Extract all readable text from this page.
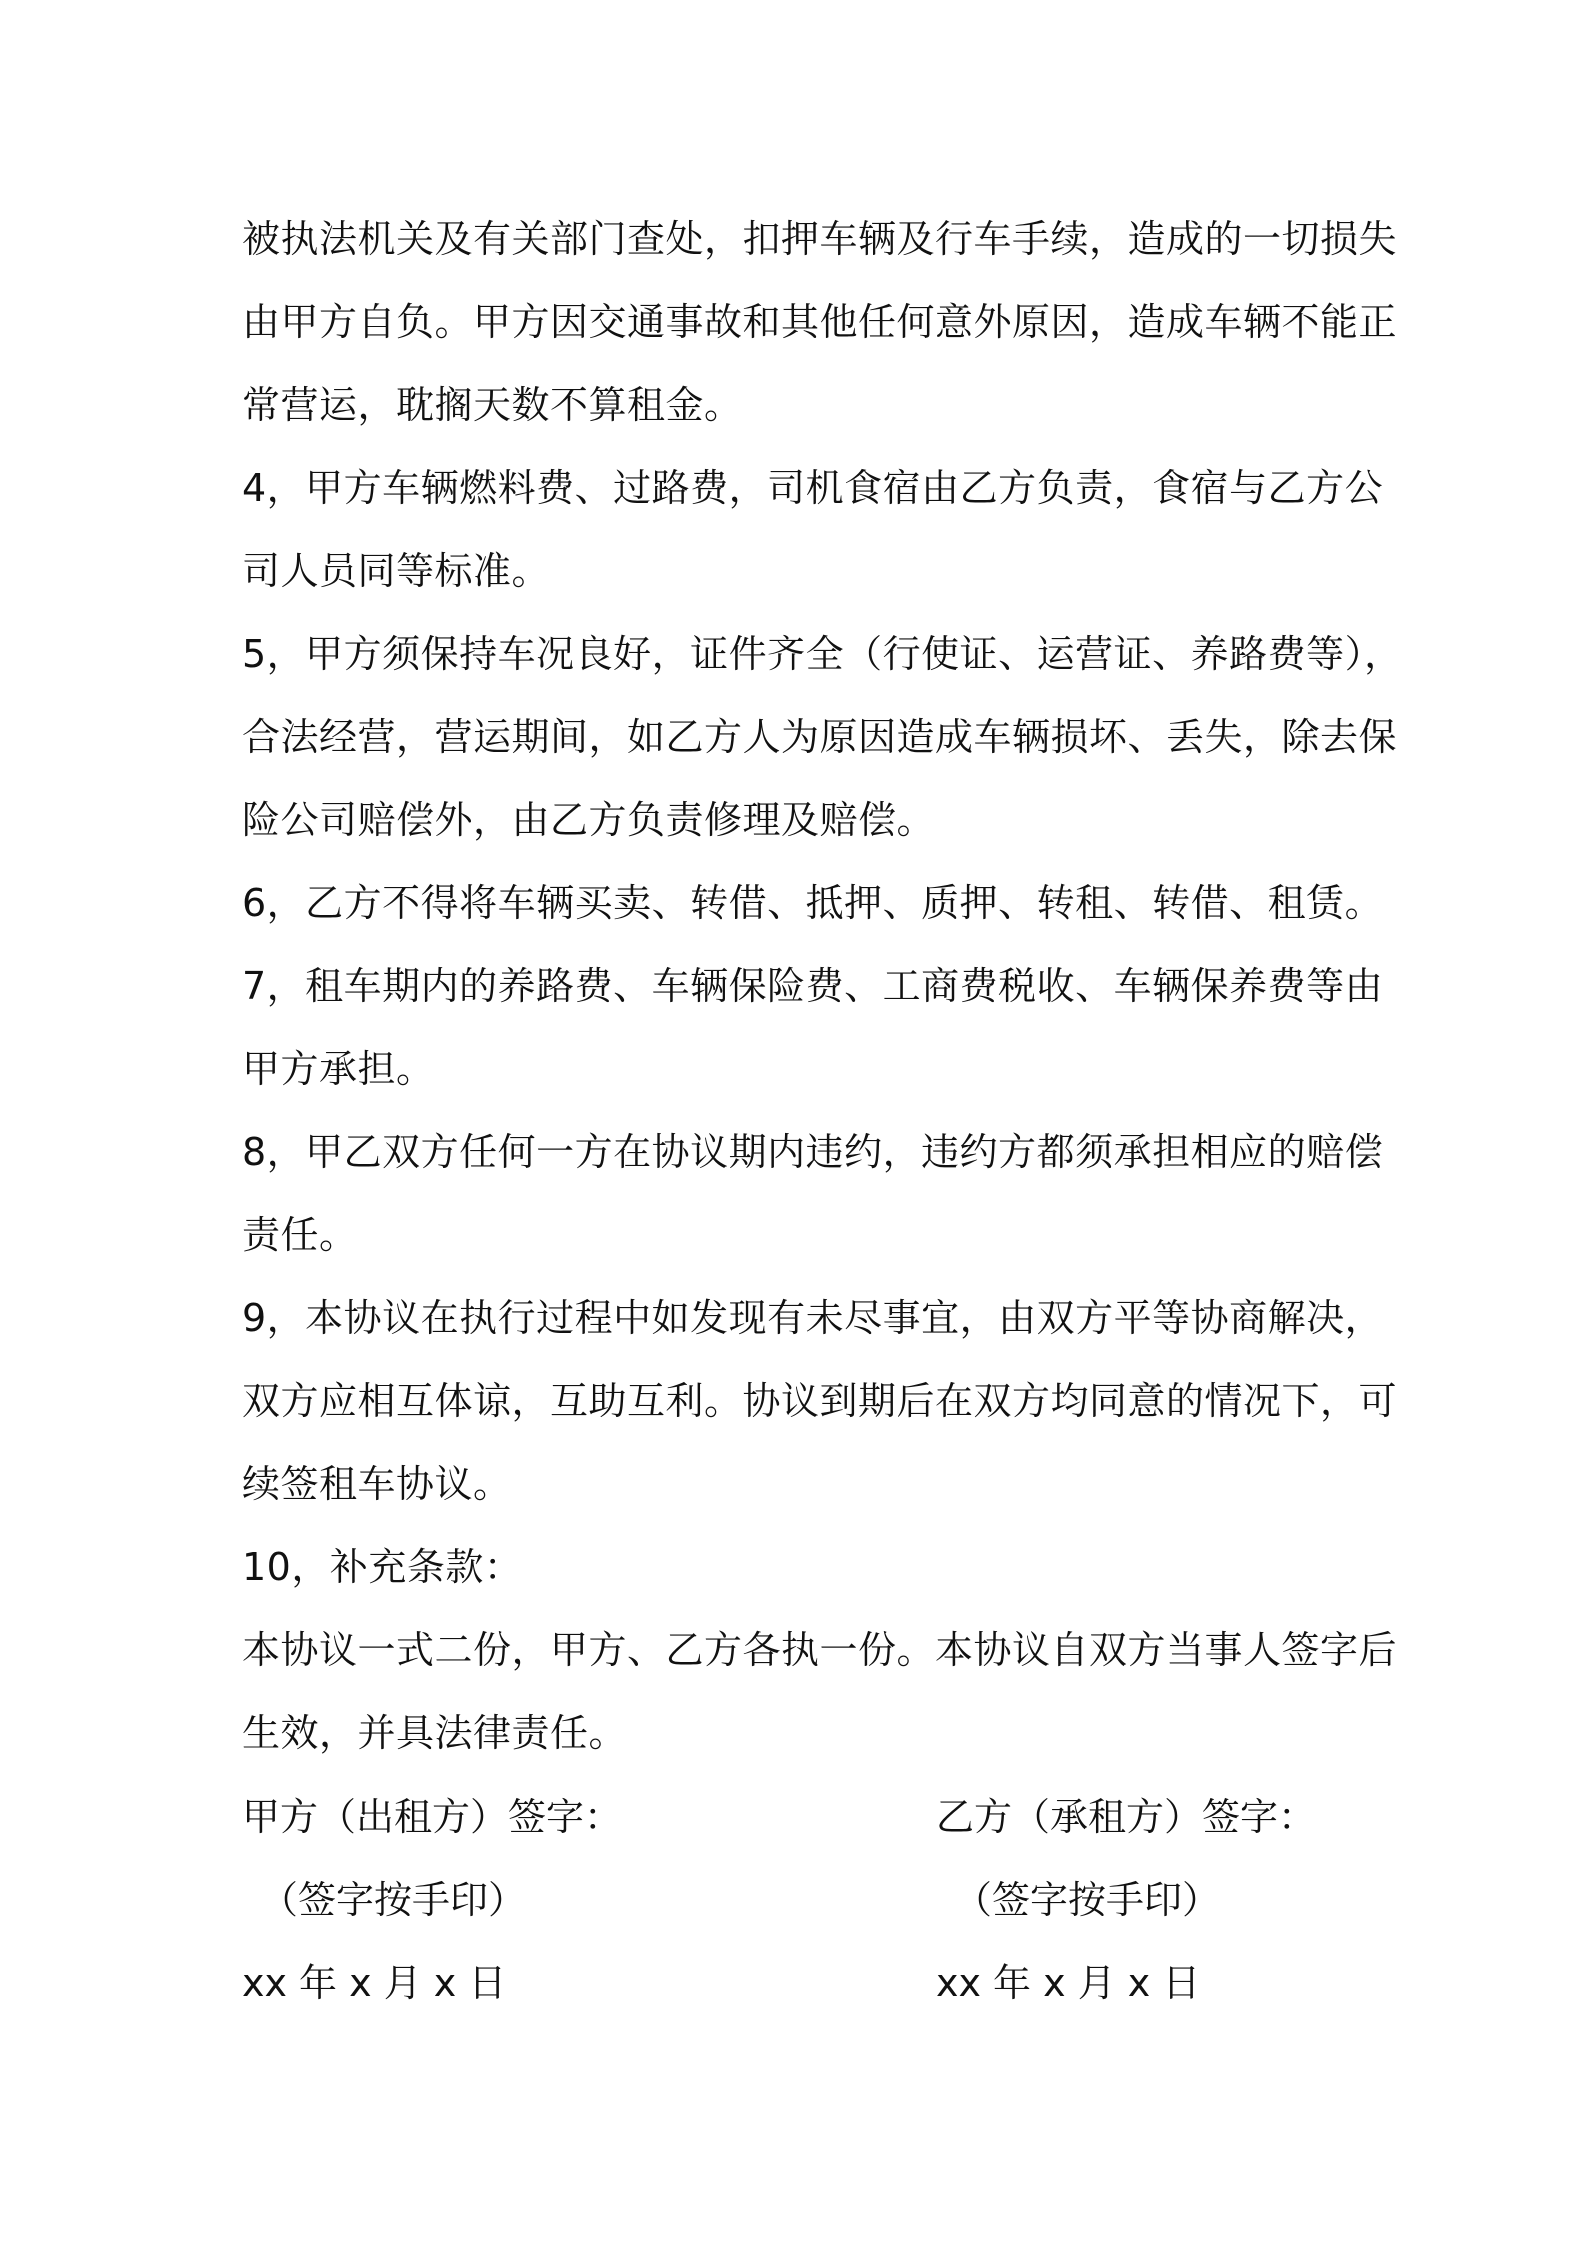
被执法机关及有关部门查处，扣押车辆及行车手续，造成的一切损失
由甲方自负。甲方因交通事故和其他任何意外原因，造成车辆不能正
常营运，耽搁天数不算租金。
4，甲方车辆燃料费、过路费，司机食宿由乙方负责，食宿与乙方公
司人员同等标准。
5，甲方须保持车况良好，证件齐全（行使证、运营证、养路费等），
合法经营，营运期间，如乙方人为原因造成车辆损坏、丢失，除去保
险公司赔偿外，由乙方负责修理及赔偿。
6，乙方不得将车辆买卖、转借、抵押、质押、转租、转借、租赁。
7，租车期内的养路费、车辆保险费、工商费税收、车辆保养费等由
甲方承担。
8，甲乙双方任何一方在协议期内违约，违约方都须承担相应的赔偿
责任。
9，本协议在执行过程中如发现有未尽事宜，由双方平等协商解决，
双方应相互体谅，互助互利。协议到期后在双方均同意的情况下，可
续签租车协议。
10，补充条款：
本协议一式二份，甲方、乙方各执一份。本协议自双方当事人签字后
生效，并具法律责任。
甲方（出租方）签字：	乙方（承租方）签字：
（签字按手印）	（签字按手印）
xx 年 x 月 x 日	xx 年 x 月 x 日
